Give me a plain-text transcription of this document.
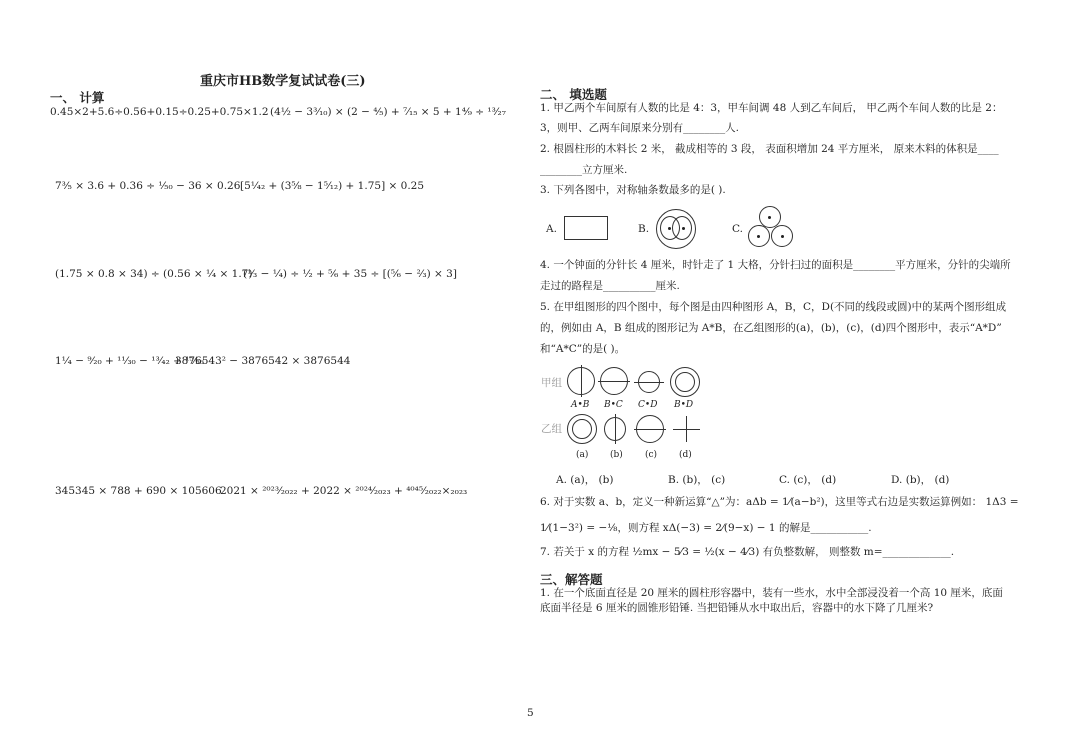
重庆市HB数学复试试卷(三)
一、 计算
0.45×2+5.6÷0.56+0.15÷0.25+0.75×1.2 (4½ − 3³⁄₁₀) × (2 − ⁴⁄₅) + ⁷⁄₁₅ × 5 + 1⁴⁄₉ ÷ ¹³⁄₂₇
7³⁄₅ × 3.6 + 0.36 ÷ ¹⁄₅₀ − 36 × 0.26 [5¹⁄₄₂ + (3⁵⁄₈ − 1⁵⁄₁₂) + 1.75] × 0.25
(1.75 × 0.8 × 34) ÷ (0.56 × ¹⁄₄ × 1.7)
(¹⁄₃ − ¹⁄₄) ÷ ¹⁄₂ + ⁵⁄₆ + 35 ÷ [(⁵⁄₆ − ²⁄₃) × 3]
1¹⁄₄ − ⁹⁄₂₀ + ¹¹⁄₃₀ − ¹³⁄₄₂ + ¹⁵⁄₅₆
3876543² − 3876542 × 3876544
345345 × 788 + 690 × 105606
2021 × ²⁰²³⁄₂₀₂₂ + 2022 × ²⁰²⁴⁄₂₀₂₃ + ⁴⁰⁴⁵⁄₂₀₂₂×₂₀₂₃
二、 填选题
1. 甲乙两个车间原有人数的比是 4：3，甲车间调 48 人到乙车间后， 甲乙两个车间人数的比是 2：
3，则甲、乙两车间原来分别有________人.
2. 根圆柱形的木料长 2 米， 截成相等的 3 段， 表面积增加 24 平方厘米， 原来木料的体积是____
________立方厘米.
3. 下列各图中，对称轴条数最多的是( ).
A.	B.	C.
4. 一个钟面的分针长 4 厘米，时针走了 1 大格，分针扫过的面积是________平方厘米，分针的尖端所
走过的路程是__________厘米.
5. 在甲组图形的四个图中，每个图是由四种图形 A，B，C，D(不同的线段或圆)中的某两个图形组成
的，例如由 A，B 组成的图形记为 A*B，在乙组图形的(a)，(b)，(c)，(d)四个图形中，表示“A*D”
和“A*C”的是( )。
甲组
A•B B•C C•D B•D
乙组
(a) (b) (c) (d)
A. (a)， (b)	B. (b)， (c)	C. (c)， (d)	D. (b)， (d)
6. 对于实数 a、b，定义一种新运算“△”为：aΔb = 1⁄(a−b²)，这里等式右边是实数运算例如： 1Δ3 =
1⁄(1−3²) = −⅛，则方程 xΔ(−3) = 2⁄(9−x) − 1 的解是___________.
7. 若关于 x 的方程 ½mx − 5⁄3 = ½(x − 4⁄3) 有负整数解， 则整数 m=_____________.
三、解答题
1. 在一个底面直径是 20 厘米的圆柱形容器中，装有一些水，水中全部浸没着一个高 10 厘米，底面
底面半径是 6 厘米的圆锥形铅锤. 当把铅锤从水中取出后，容器中的水下降了几厘米?
5
